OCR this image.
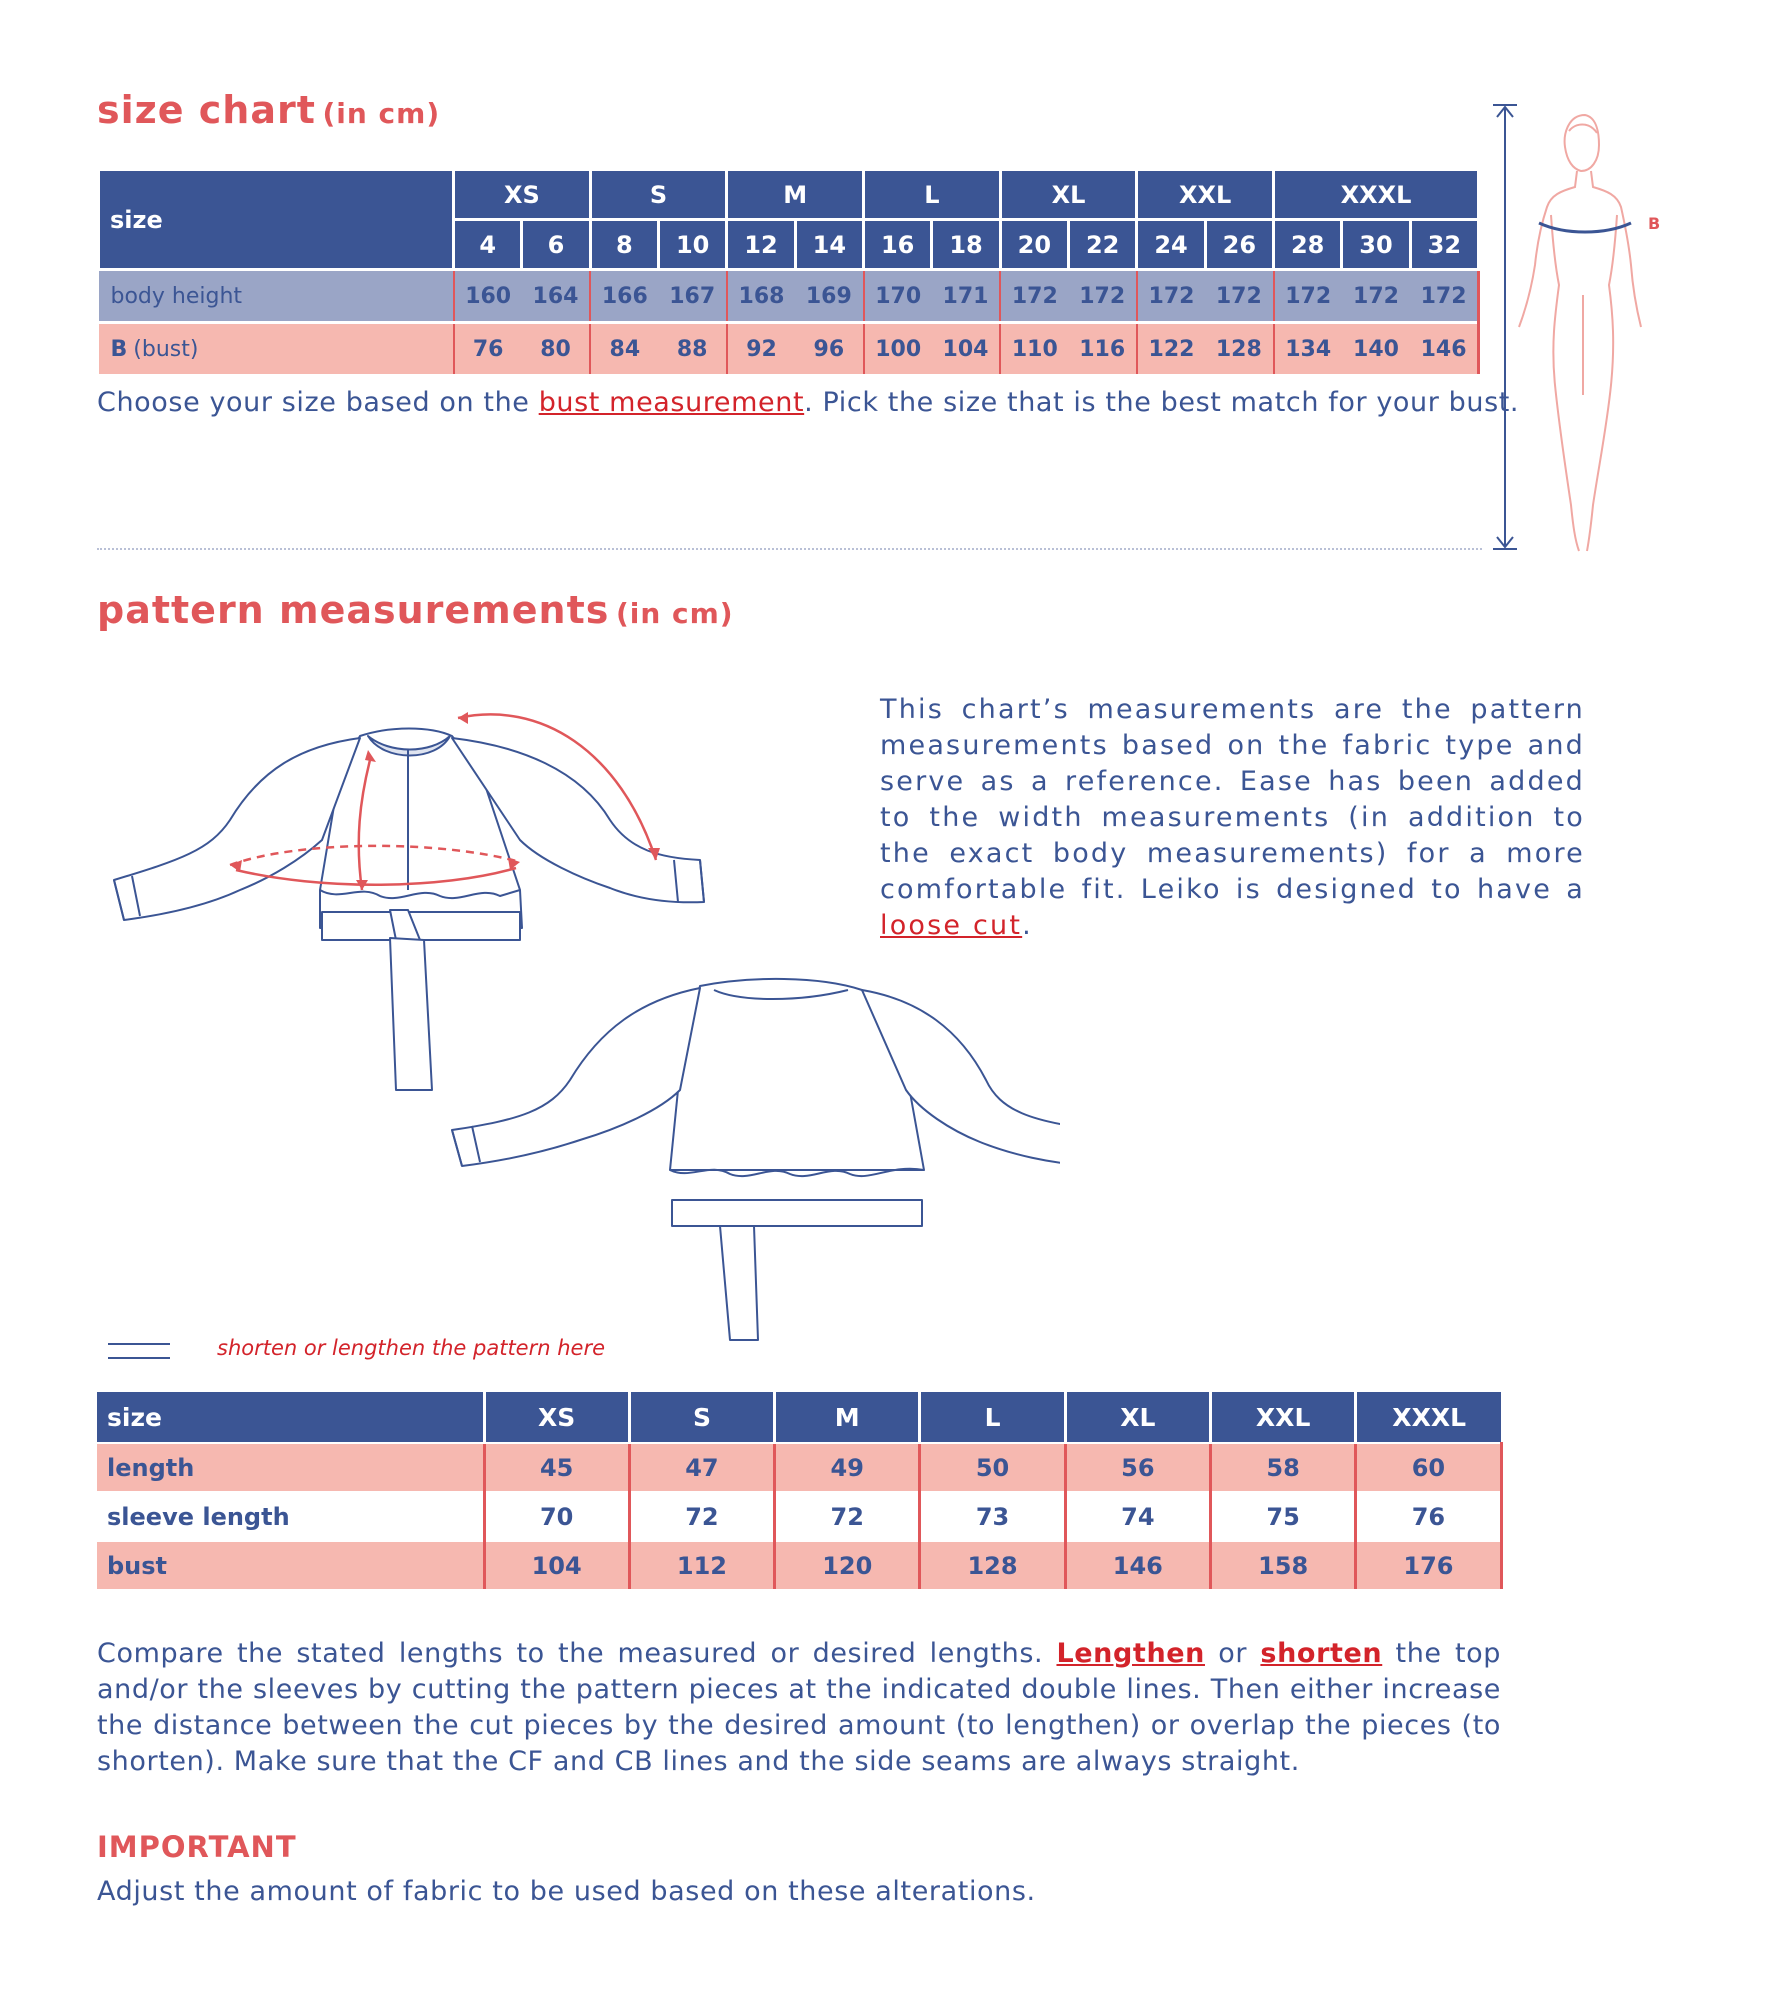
size chart (in cm)
size	XS		S		M		L		XL		XXL		XXXL		
	4	6	8	10	12	14	16	18	20	22	24	26	28	30	32
body height	160	164	166	167	168	169	170	171	172	172	172	172	172	172	172
B (bust)	76	80	84	88	92	96	100	104	110	116	122	128	134	140	146
Choose your size based on the bust measurement. Pick the size that is the best match for your bust.
B
pattern measurements (in cm)
This chart’s measurements are the pattern measurements based on the fabric type and serve as a reference. Ease has been added to the width measurements (in addition to the exact body measurements) for a more comfortable fit. Leiko is designed to have a loose cut.
shorten or lengthen the pattern here
size	XS	S	M	L	XL	XXL	XXXL
length	45	47	49	50	56	58	60
sleeve length	70	72	72	73	74	75	76
bust	104	112	120	128	146	158	176
Compare the stated lengths to the measured or desired lengths. Lengthen or shorten the top and/or the sleeves by cutting the pattern pieces at the indicated double lines. Then either increase the distance between the cut pieces by the desired amount (to lengthen) or overlap the pieces (to shorten). Make sure that the CF and CB lines and the side seams are always straight.
IMPORTANT
Adjust the amount of fabric to be used based on these alterations.
